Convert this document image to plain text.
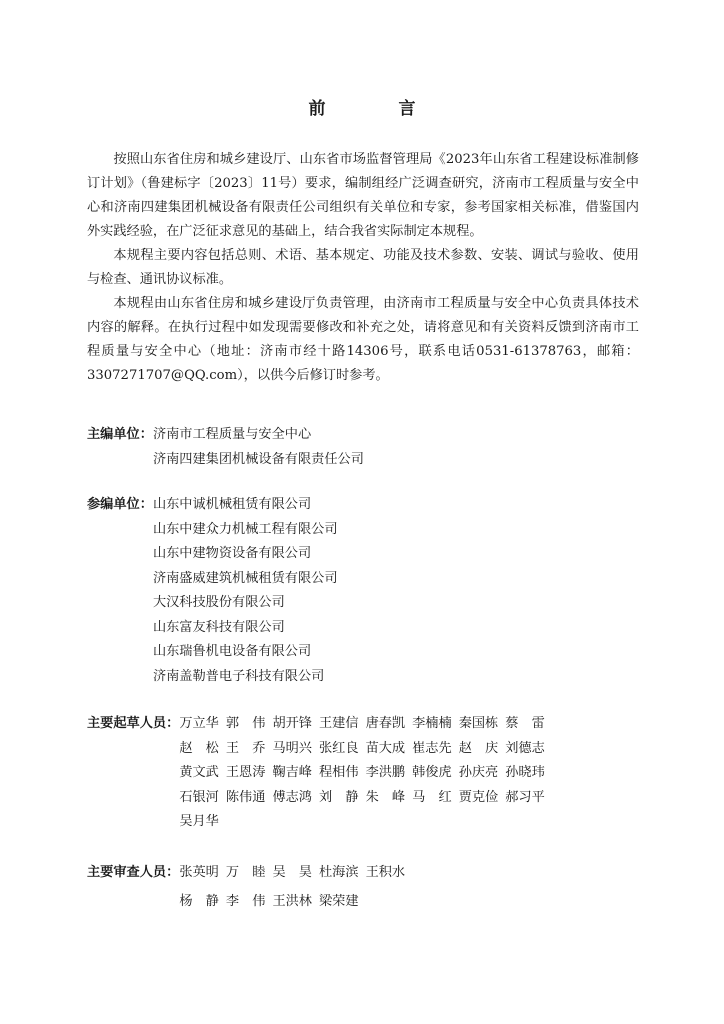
前　言

按照山东省住房和城乡建设厅、山东省市场监督管理局《2023年山东省工程建设标准制修订计划》（鲁建标字〔2023〕11号）要求，编制组经广泛调查研究，济南市工程质量与安全中心和济南四建集团机械设备有限责任公司组织有关单位和专家，参考国家相关标准，借鉴国内外实践经验，在广泛征求意见的基础上，结合我省实际制定本规程。

本规程主要内容包括总则、术语、基本规定、功能及技术参数、安装、调试与验收、使用与检查、通讯协议标准。

本规程由山东省住房和城乡建设厅负责管理，由济南市工程质量与安全中心负责具体技术内容的解释。在执行过程中如发现需要修改和补充之处，请将意见和有关资料反馈到济南市工程质量与安全中心（地址：济南市经十路14306号，联系电话0531-61378763，邮箱：3307271707@QQ.com），以供今后修订时参考。

主编单位： 济南市工程质量与安全中心
济南四建集团机械设备有限责任公司
参编单位： 山东中诚机械租赁有限公司
山东中建众力机械工程有限公司
山东中建物资设备有限公司
济南盛威建筑机械租赁有限公司
大汉科技股份有限公司
山东富友科技有限公司
山东瑞鲁机电设备有限公司
济南盖勒普电子科技有限公司
主要起草人员： 万立华 郭　伟 胡开锋 王建信 唐春凯 李楠楠 秦国栋 蔡　雷
赵　松 王　乔 马明兴 张红良 苗大成 崔志先 赵　庆 刘德志
黄文武 王恩涛 鞠吉峰 程相伟 李洪鹏 韩俊虎 孙庆亮 孙晓玮
石银河 陈伟通 傅志鸿 刘　静 朱　峰 马　红 贾克俭 郝习平
吴月华
主要审查人员： 张英明 万　睦 吴　昊 杜海滨 王积水
杨　静 李　伟 王洪林 梁荣建
